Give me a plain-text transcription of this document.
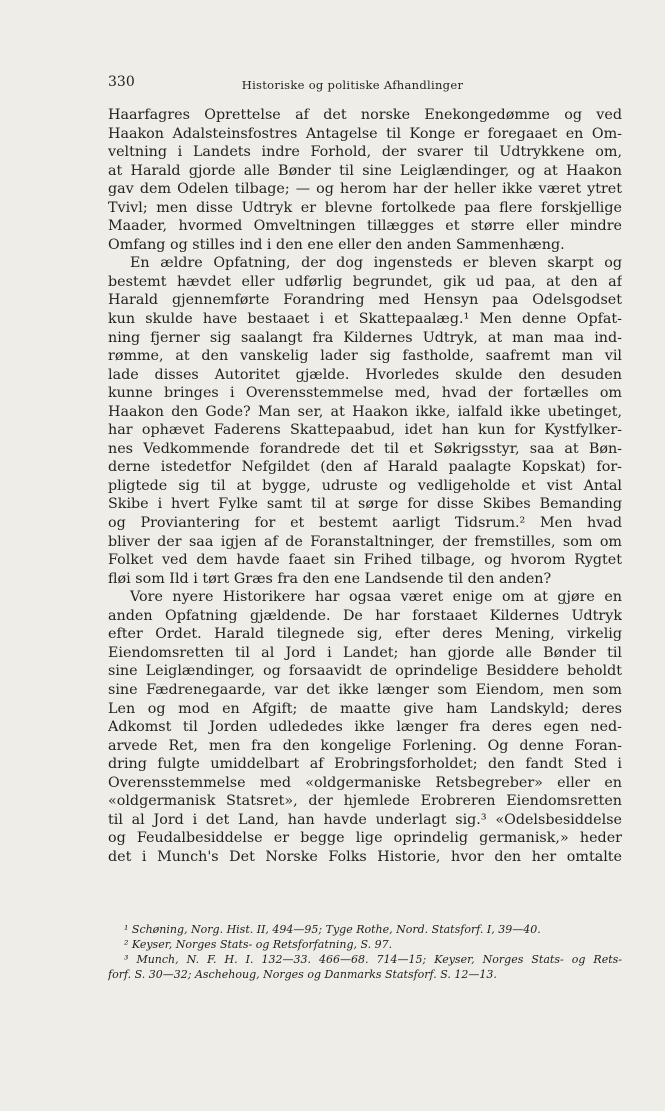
330	Historiske og politiske Afhandlinger
Haarfagres Oprettelse af det norske Enekongedømme og ved
Haakon Adalsteinsfostres Antagelse til Konge er foregaaet en Om-
veltning i Landets indre Forhold, der svarer til Udtrykkene om,
at Harald gjorde alle Bønder til sine Leiglændinger, og at Haakon
gav dem Odelen tilbage; — og herom har der heller ikke været ytret
Tvivl; men disse Udtryk er blevne fortolkede paa flere forskjellige
Maader, hvormed Omveltningen tillægges et større eller mindre
Omfang og stilles ind i den ene eller den anden Sammenhæng.
En ældre Opfatning, der dog ingensteds er bleven skarpt og
bestemt hævdet eller udførlig begrundet, gik ud paa, at den af
Harald gjennemførte Forandring med Hensyn paa Odelsgodset
kun skulde have bestaaet i et Skattepaalæg.¹ Men denne Opfat-
ning fjerner sig saalangt fra Kildernes Udtryk, at man maa ind-
rømme, at den vanskelig lader sig fastholde, saafremt man vil
lade disses Autoritet gjælde. Hvorledes skulde den desuden
kunne bringes i Overensstemmelse med, hvad der fortælles om
Haakon den Gode? Man ser, at Haakon ikke, ialfald ikke ubetinget,
har ophævet Faderens Skattepaabud, idet han kun for Kystfylker-
nes Vedkommende forandrede det til et Søkrigsstyr, saa at Bøn-
derne istedetfor Nefgildet (den af Harald paalagte Kopskat) for-
pligtede sig til at bygge, udruste og vedligeholde et vist Antal
Skibe i hvert Fylke samt til at sørge for disse Skibes Bemanding
og Proviantering for et bestemt aarligt Tidsrum.² Men hvad
bliver der saa igjen af de Foranstaltninger, der fremstilles, som om
Folket ved dem havde faaet sin Frihed tilbage, og hvorom Rygtet
fløi som Ild i tørt Græs fra den ene Landsende til den anden?
Vore nyere Historikere har ogsaa været enige om at gjøre en
anden Opfatning gjældende. De har forstaaet Kildernes Udtryk
efter Ordet. Harald tilegnede sig, efter deres Mening, virkelig
Eiendomsretten til al Jord i Landet; han gjorde alle Bønder til
sine Leiglændinger, og forsaavidt de oprindelige Besiddere beholdt
sine Fædrenegaarde, var det ikke længer som Eiendom, men som
Len og mod en Afgift; de maatte give ham Landskyld; deres
Adkomst til Jorden udlededes ikke længer fra deres egen ned-
arvede Ret, men fra den kongelige Forlening. Og denne Foran-
dring fulgte umiddelbart af Erobringsforholdet; den fandt Sted i
Overensstemmelse med «oldgermaniske Retsbegreber» eller en
«oldgermanisk Statsret», der hjemlede Erobreren Eiendomsretten
til al Jord i det Land, han havde underlagt sig.³ «Odelsbesiddelse
og Feudalbesiddelse er begge lige oprindelig germanisk,» heder
det i Munch's Det Norske Folks Historie, hvor den her omtalte
¹ Schøning, Norg. Hist. II, 494—95; Tyge Rothe, Nord. Statsforf. I, 39—40.
² Keyser, Norges Stats- og Retsforfatning, S. 97.
³ Munch, N. F. H. I. 132—33. 466—68. 714—15; Keyser, Norges Stats- og Rets-
forf. S. 30—32; Aschehoug, Norges og Danmarks Statsforf. S. 12—13.
